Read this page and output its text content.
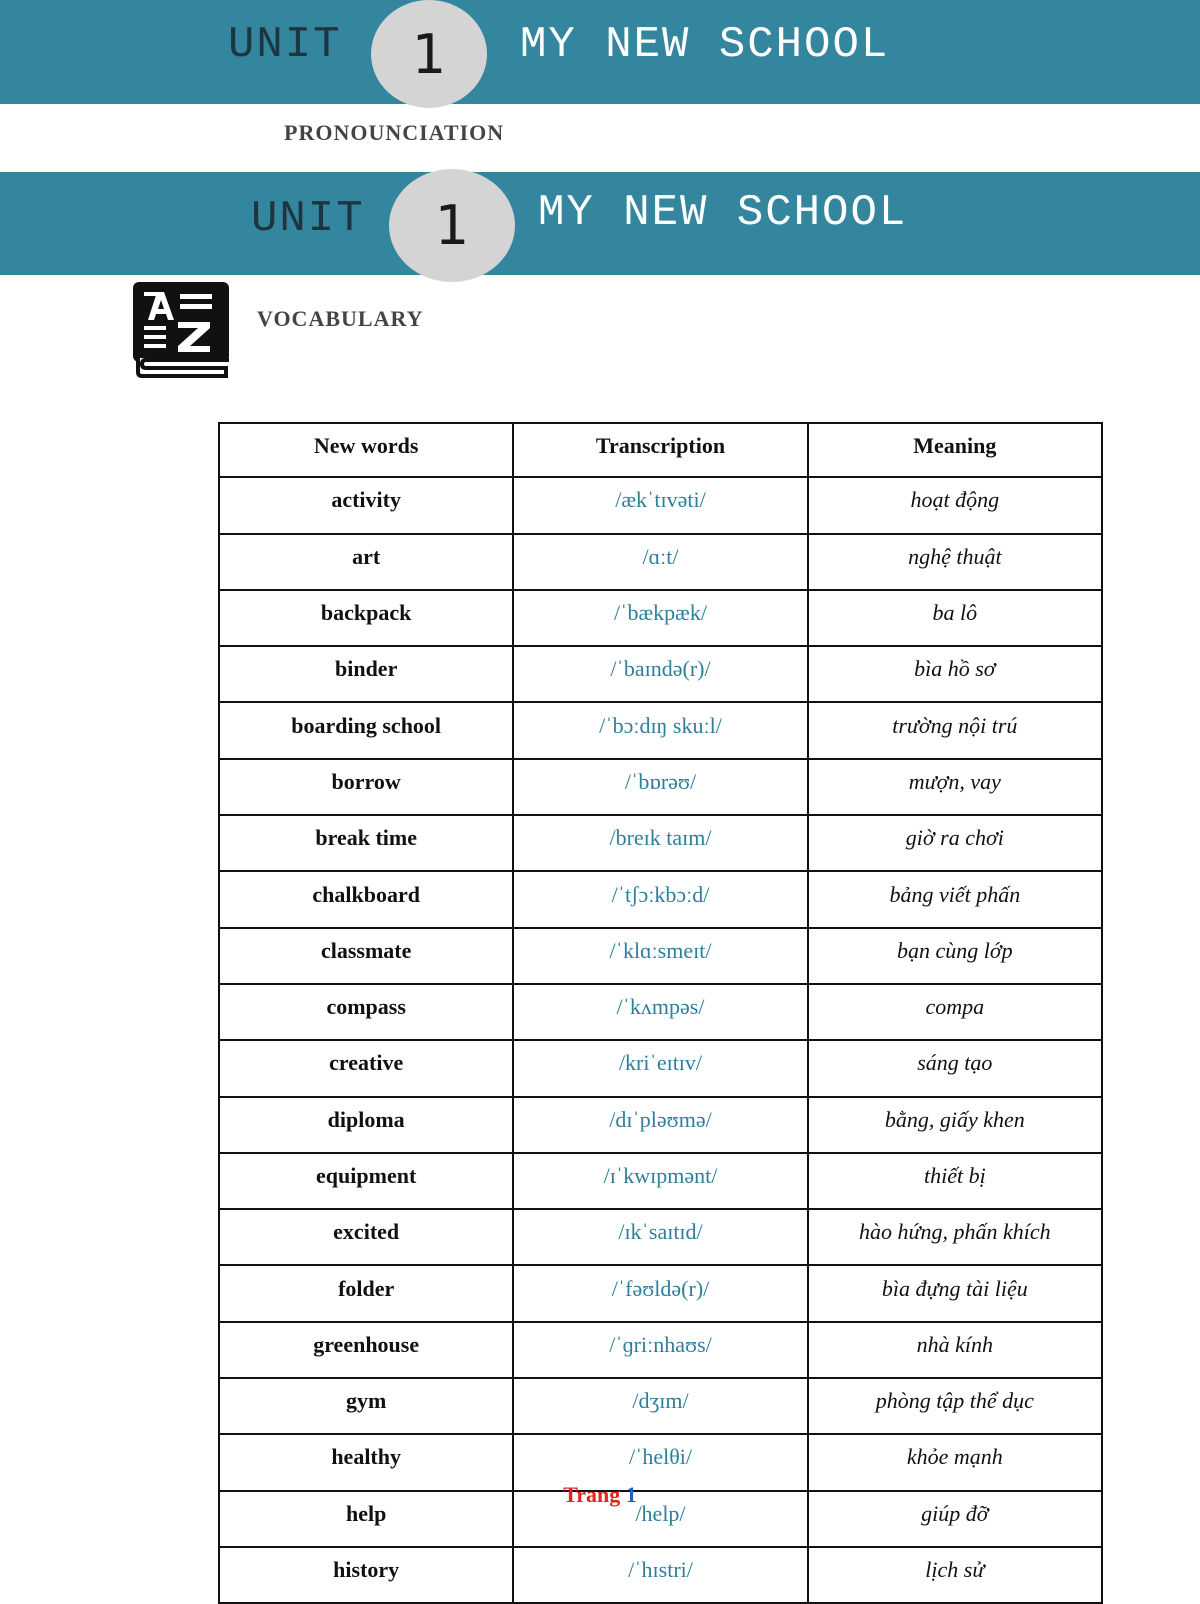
UNIT	1	MY NEW SCHOOL
PRONOUNCIATION
UNIT	1	MY NEW SCHOOL
VOCABULARY
New words	Transcription	Meaning
activity	/ækˈtɪvəti/	hoạt động
art	/ɑːt/	nghệ thuật
backpack	/ˈbækpæk/	ba lô
binder	/ˈbaɪndə(r)/	bìa hồ sơ
boarding school	/ˈbɔːdɪŋ skuːl/	trường nội trú
borrow	/ˈbɒrəʊ/	mượn, vay
break time	/breɪk taɪm/	giờ ra chơi
chalkboard	/ˈtʃɔːkbɔːd/	bảng viết phấn
classmate	/ˈklɑːsmeɪt/	bạn cùng lớp
compass	/ˈkʌmpəs/	compa
creative	/kriˈeɪtɪv/	sáng tạo
diploma	/dɪˈpləʊmə/	bằng, giấy khen
equipment	/ɪˈkwɪpmənt/	thiết bị
excited	/ɪkˈsaɪtɪd/	hào hứng, phấn khích
folder	/ˈfəʊldə(r)/	bìa đựng tài liệu
greenhouse	/ˈɡriːnhaʊs/	nhà kính
gym	/dʒɪm/	phòng tập thể dục
healthy	/ˈhelθi/	khỏe mạnh
help	/help/	giúp đỡ
history	/ˈhɪstri/	lịch sử
Trang 1
